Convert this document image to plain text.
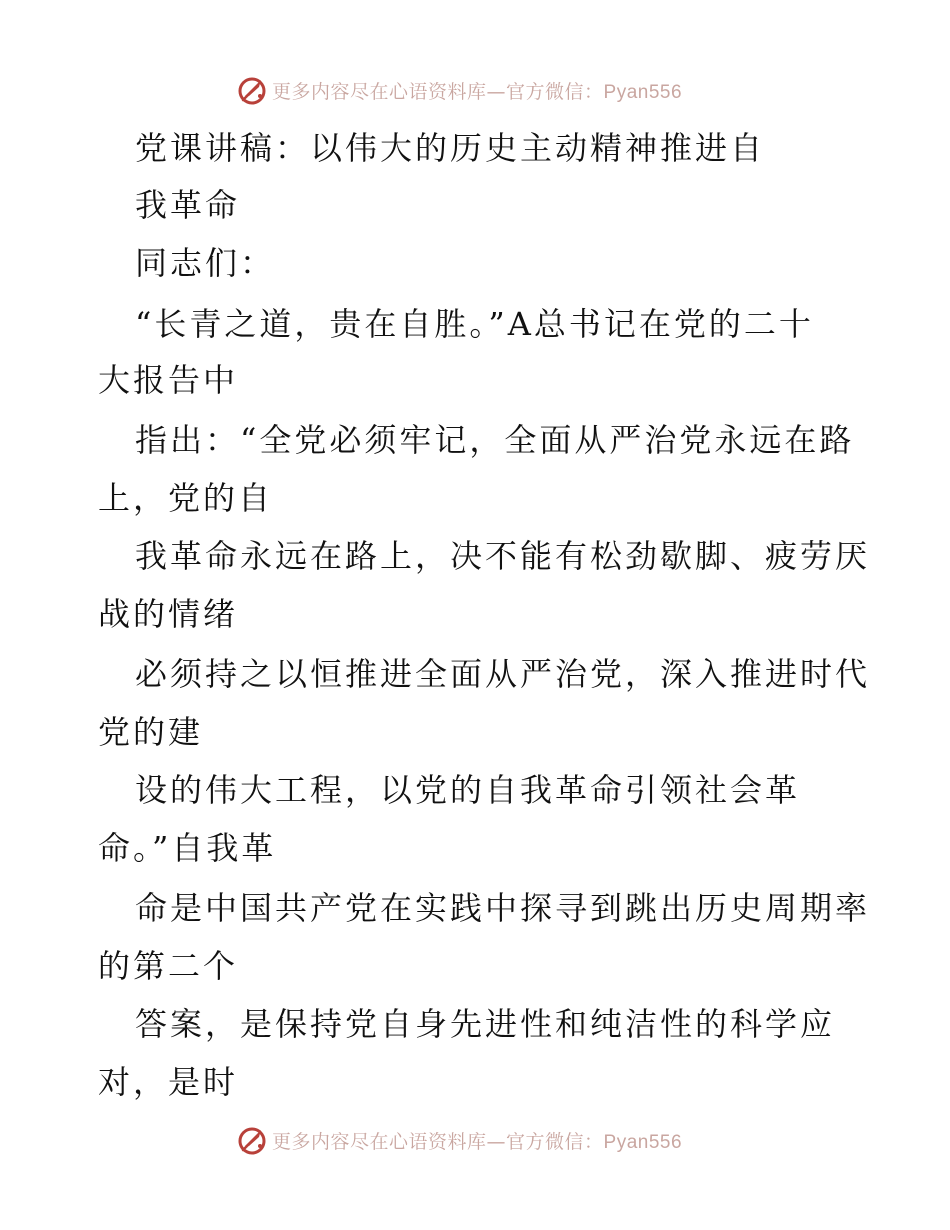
更多内容尽在心语资料库—官方微信：Pyan556
党课讲稿：以伟大的历史主动精神推进自
我革命
同志们：
“长青之道，贵在自胜。”A总书记在党的二十
大报告中
指出：“全党必须牢记，全面从严治党永远在路
上，党的自
我革命永远在路上，决不能有松劲歇脚、疲劳厌
战的情绪
必须持之以恒推进全面从严治党，深入推进时代
党的建
设的伟大工程，以党的自我革命引领社会革
命。”自我革
命是中国共产党在实践中探寻到跳出历史周期率
的第二个
答案，是保持党自身先进性和纯洁性的科学应
对，是时
更多内容尽在心语资料库—官方微信：Pyan556
